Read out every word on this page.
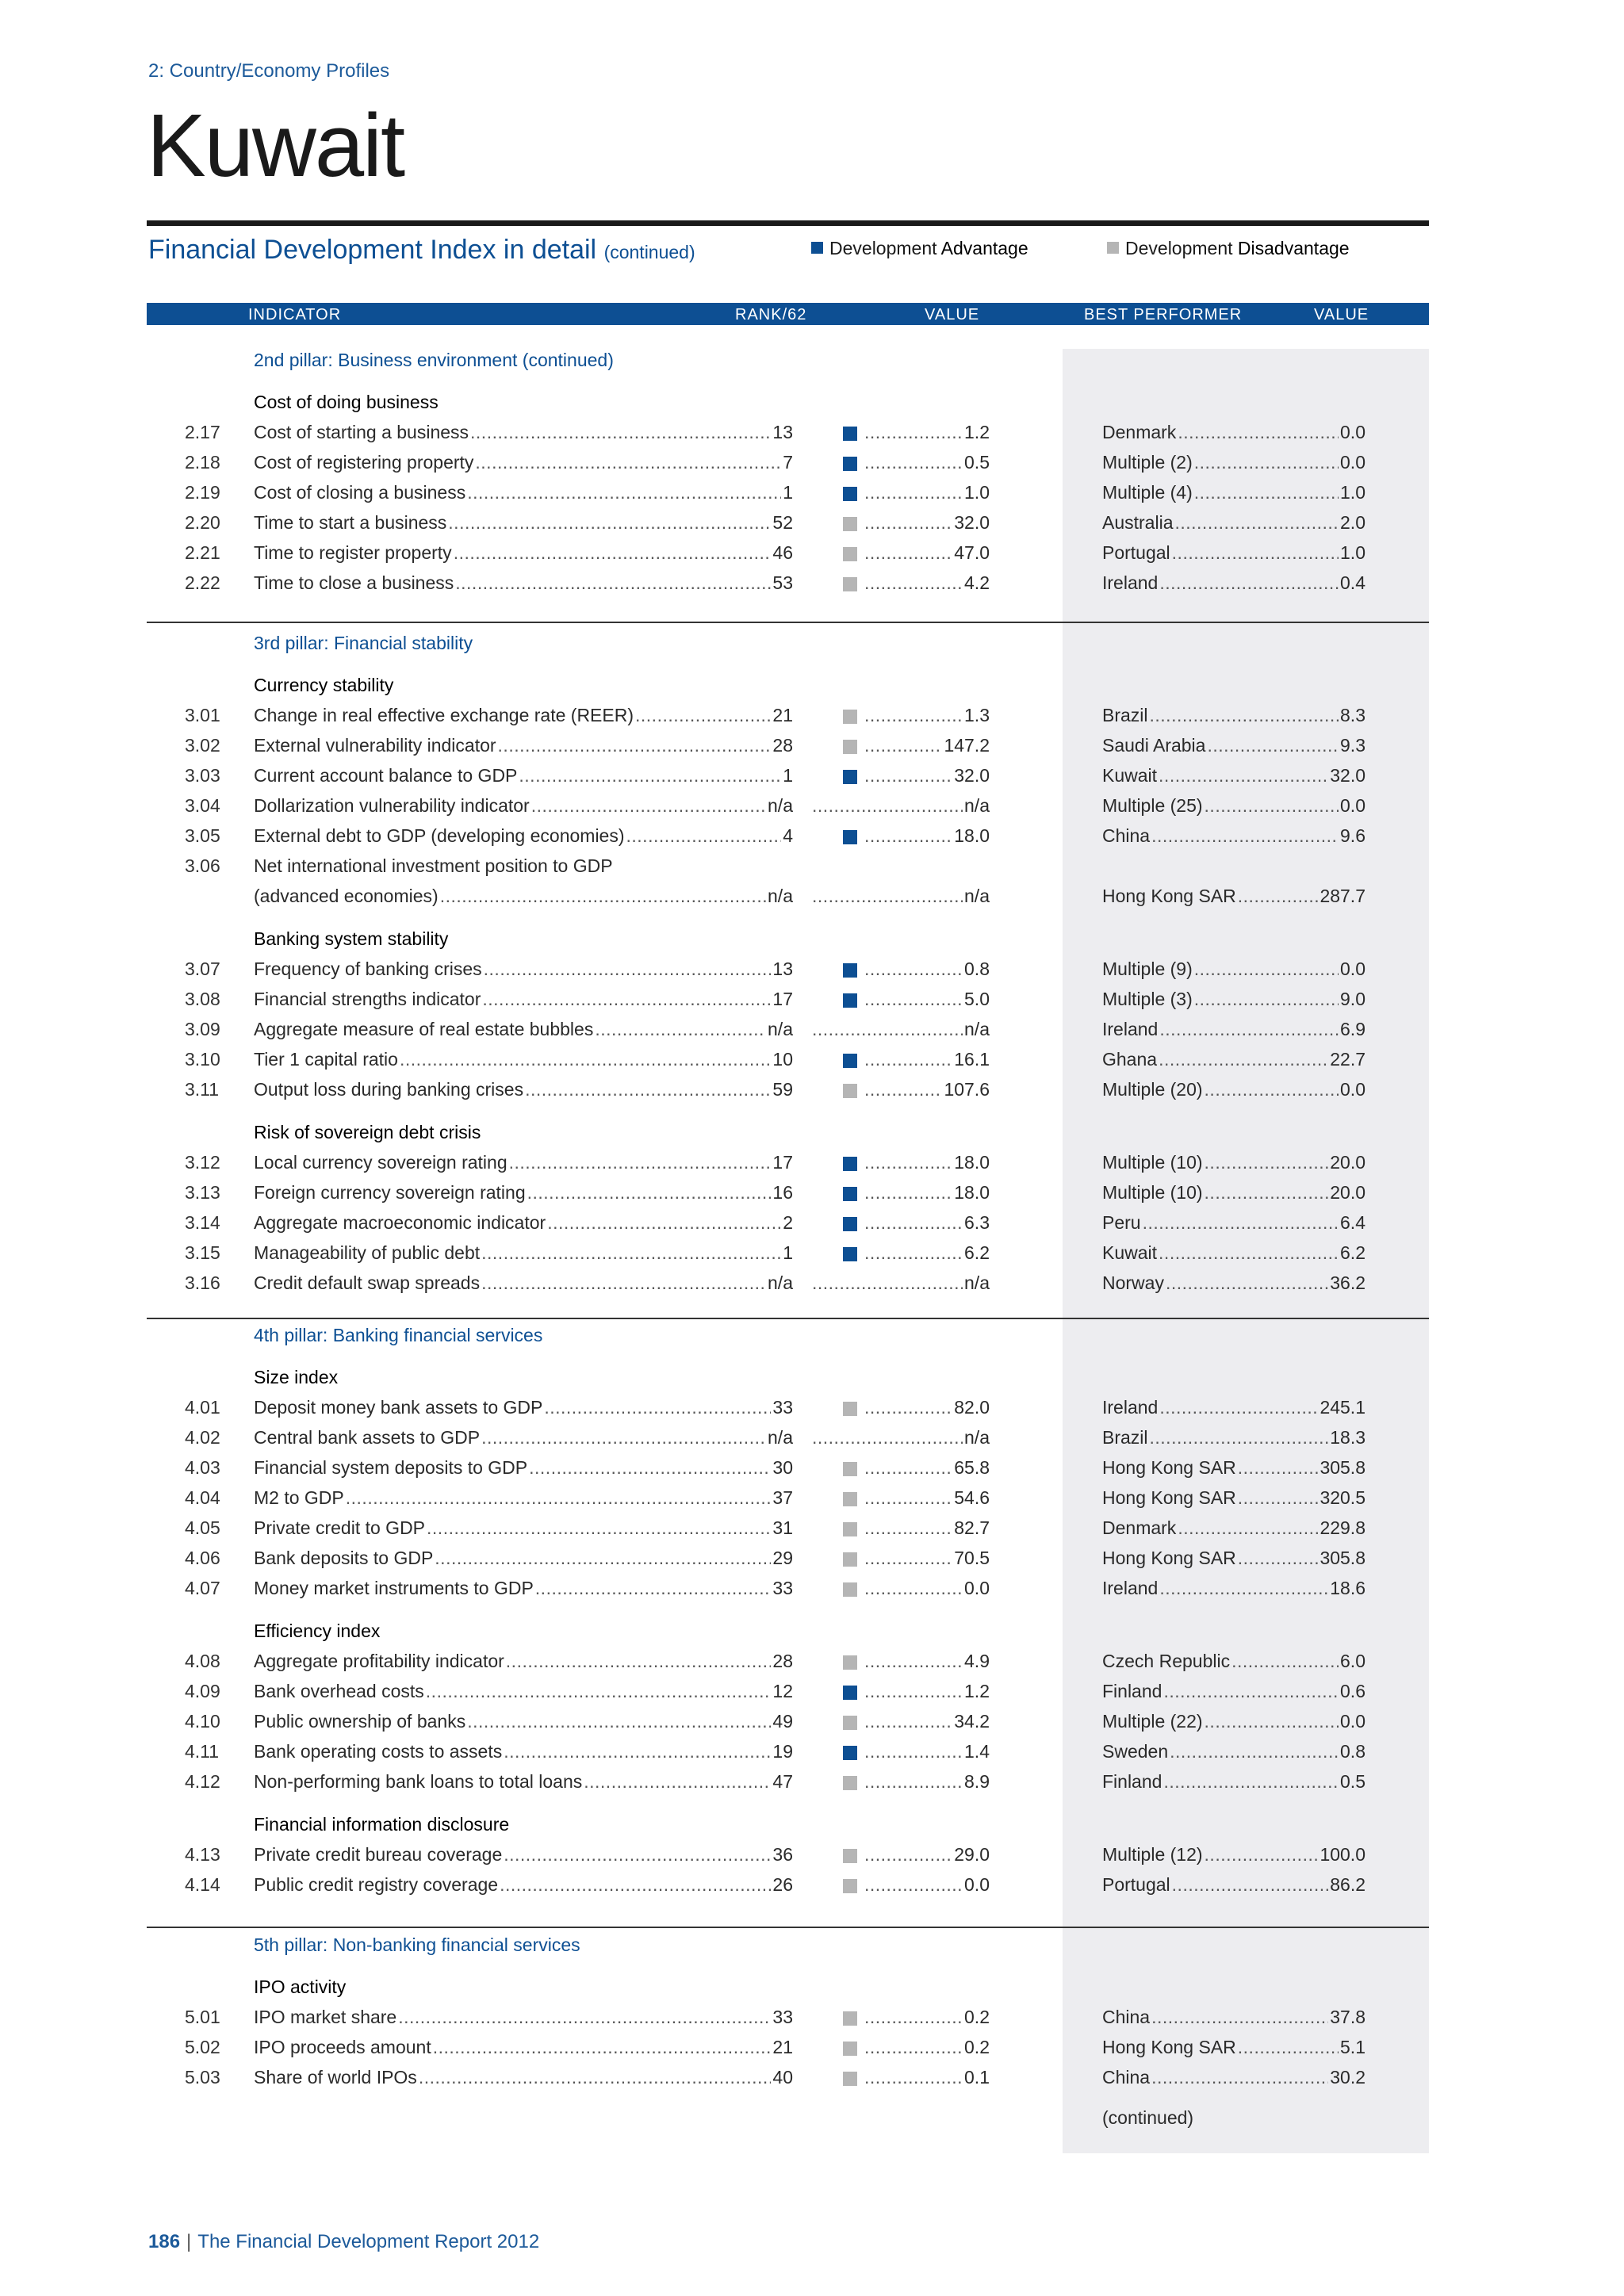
2: Country/Economy Profiles
Kuwait
Financial Development Index in detail (continued)	Development Advantage	Development Disadvantage
INDICATOR	RANK/62	VALUE	BEST PERFORMER	VALUE
2nd pillar: Business environment (continued)
Cost of doing business
2.17 Cost of starting a business .....	13 .....	1.2	Denmark .....	0.0
2.18 Cost of registering property .....	7 .....	0.5	Multiple (2) .....	0.0
2.19 Cost of closing a business .....	1 .....	1.0	Multiple (4) .....	1.0
2.20 Time to start a business .....	52 .....	32.0	Australia .....	2.0
2.21 Time to register property .....	46 .....	47.0	Portugal .....	1.0
2.22 Time to close a business .....	53 .....	4.2	Ireland .....	0.4
3rd pillar: Financial stability
Currency stability
3.01 Change in real effective exchange rate (REER) .....	21 .....	1.3	Brazil .....	8.3
3.02 External vulnerability indicator .....	28 .....	147.2	Saudi Arabia .....	9.3
3.03 Current account balance to GDP .....	1 .....	32.0	Kuwait .....	32.0
3.04 Dollarization vulnerability indicator .....	n/a .....	n/a	Multiple (25) .....	0.0
3.05 External debt to GDP (developing economies) .....	4 .....	18.0	China .....	9.6
3.06 Net international investment position to GDP
(advanced economies) .....	n/a .....	n/a	Hong Kong SAR .....	287.7
Banking system stability
3.07 Frequency of banking crises .....	13 .....	0.8	Multiple (9) .....	0.0
3.08 Financial strengths indicator .....	17 .....	5.0	Multiple (3) .....	9.0
3.09 Aggregate measure of real estate bubbles .....	n/a .....	n/a	Ireland .....	6.9
3.10 Tier 1 capital ratio .....	10 .....	16.1	Ghana .....	22.7
3.11 Output loss during banking crises .....	59 .....	107.6	Multiple (20) .....	0.0
Risk of sovereign debt crisis
3.12 Local currency sovereign rating .....	17 .....	18.0	Multiple (10) .....	20.0
3.13 Foreign currency sovereign rating .....	16 .....	18.0	Multiple (10) .....	20.0
3.14 Aggregate macroeconomic indicator .....	2 .....	6.3	Peru .....	6.4
3.15 Manageability of public debt .....	1 .....	6.2	Kuwait .....	6.2
3.16 Credit default swap spreads .....	n/a .....	n/a	Norway .....	36.2
4th pillar: Banking financial services
Size index
4.01 Deposit money bank assets to GDP .....	33 .....	82.0	Ireland .....	245.1
4.02 Central bank assets to GDP .....	n/a .....	n/a	Brazil .....	18.3
4.03 Financial system deposits to GDP .....	30 .....	65.8	Hong Kong SAR .....	305.8
4.04 M2 to GDP .....	37 .....	54.6	Hong Kong SAR .....	320.5
4.05 Private credit to GDP .....	31 .....	82.7	Denmark .....	229.8
4.06 Bank deposits to GDP .....	29 .....	70.5	Hong Kong SAR .....	305.8
4.07 Money market instruments to GDP .....	33 .....	0.0	Ireland .....	18.6
Efficiency index
4.08 Aggregate profitability indicator .....	28 .....	4.9	Czech Republic .....	6.0
4.09 Bank overhead costs .....	12 .....	1.2	Finland .....	0.6
4.10 Public ownership of banks .....	49 .....	34.2	Multiple (22) .....	0.0
4.11 Bank operating costs to assets .....	19 .....	1.4	Sweden .....	0.8
4.12 Non-performing bank loans to total loans .....	47 .....	8.9	Finland .....	0.5
Financial information disclosure
4.13 Private credit bureau coverage .....	36 .....	29.0	Multiple (12) .....	100.0
4.14 Public credit registry coverage .....	26 .....	0.0	Portugal .....	86.2
5th pillar: Non-banking financial services
IPO activity
5.01 IPO market share .....	33 .....	0.2	China .....	37.8
5.02 IPO proceeds amount .....	21 .....	0.2	Hong Kong SAR .....	5.1
5.03 Share of world IPOs .....	40 .....	0.1	China .....	30.2
(continued)
186 | The Financial Development Report 2012
